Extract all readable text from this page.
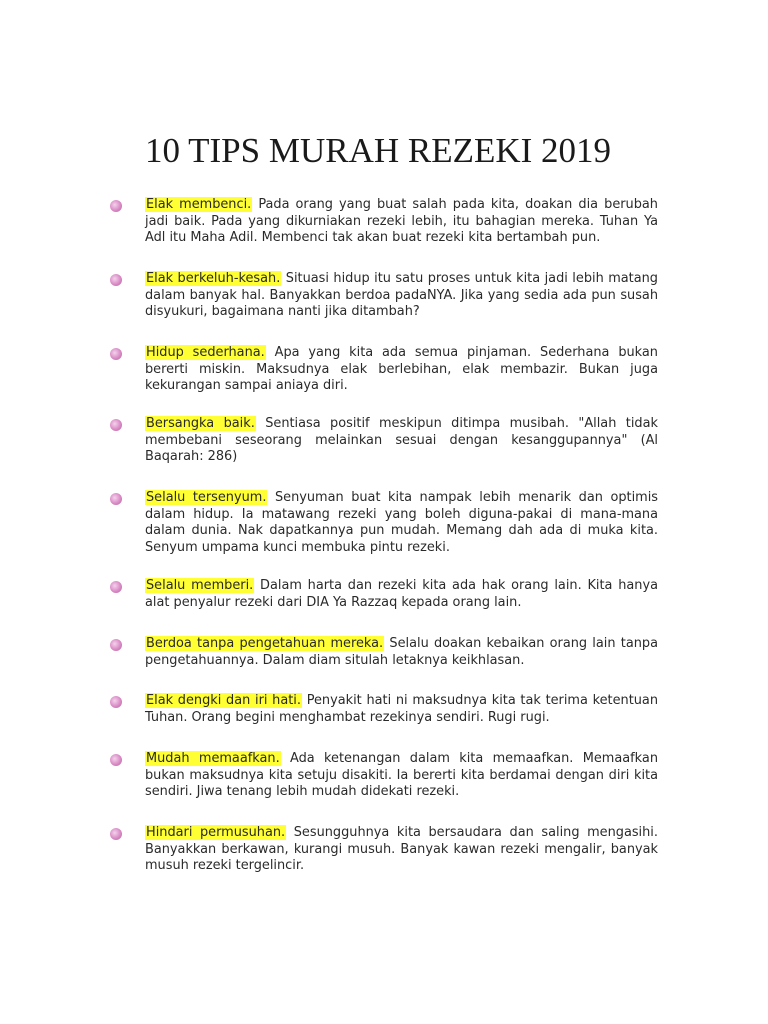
10 TIPS MURAH REZEKI 2019

Elak membenci. Pada orang yang buat salah pada kita, doakan dia berubah jadi baik. Pada yang dikurniakan rezeki lebih, itu bahagian mereka. Tuhan Ya Adl itu Maha Adil. Membenci tak akan buat rezeki kita bertambah pun.

Elak berkeluh-kesah. Situasi hidup itu satu proses untuk kita jadi lebih matang dalam banyak hal. Banyakkan berdoa padaNYA. Jika yang sedia ada pun susah disyukuri, bagaimana nanti jika ditambah?

Hidup sederhana. Apa yang kita ada semua pinjaman. Sederhana bukan bererti miskin. Maksudnya elak berlebihan, elak membazir. Bukan juga kekurangan sampai aniaya diri.

Bersangka baik. Sentiasa positif meskipun ditimpa musibah. "Allah tidak membebani seseorang melainkan sesuai dengan kesanggupannya" (Al Baqarah: 286)

Selalu tersenyum. Senyuman buat kita nampak lebih menarik dan optimis dalam hidup. Ia matawang rezeki yang boleh diguna-pakai di mana-mana dalam dunia. Nak dapatkannya pun mudah. Memang dah ada di muka kita. Senyum umpama kunci membuka pintu rezeki.

Selalu memberi. Dalam harta dan rezeki kita ada hak orang lain. Kita hanya alat penyalur rezeki dari DIA Ya Razzaq kepada orang lain.

Berdoa tanpa pengetahuan mereka. Selalu doakan kebaikan orang lain tanpa pengetahuannya. Dalam diam situlah letaknya keikhlasan.

Elak dengki dan iri hati. Penyakit hati ni maksudnya kita tak terima ketentuan Tuhan. Orang begini menghambat rezekinya sendiri. Rugi rugi.

Mudah memaafkan. Ada ketenangan dalam kita memaafkan. Memaafkan bukan maksudnya kita setuju disakiti. Ia bererti kita berdamai dengan diri kita sendiri. Jiwa tenang lebih mudah didekati rezeki.

Hindari permusuhan. Sesungguhnya kita bersaudara dan saling mengasihi. Banyakkan berkawan, kurangi musuh. Banyak kawan rezeki mengalir, banyak musuh rezeki tergelincir.
